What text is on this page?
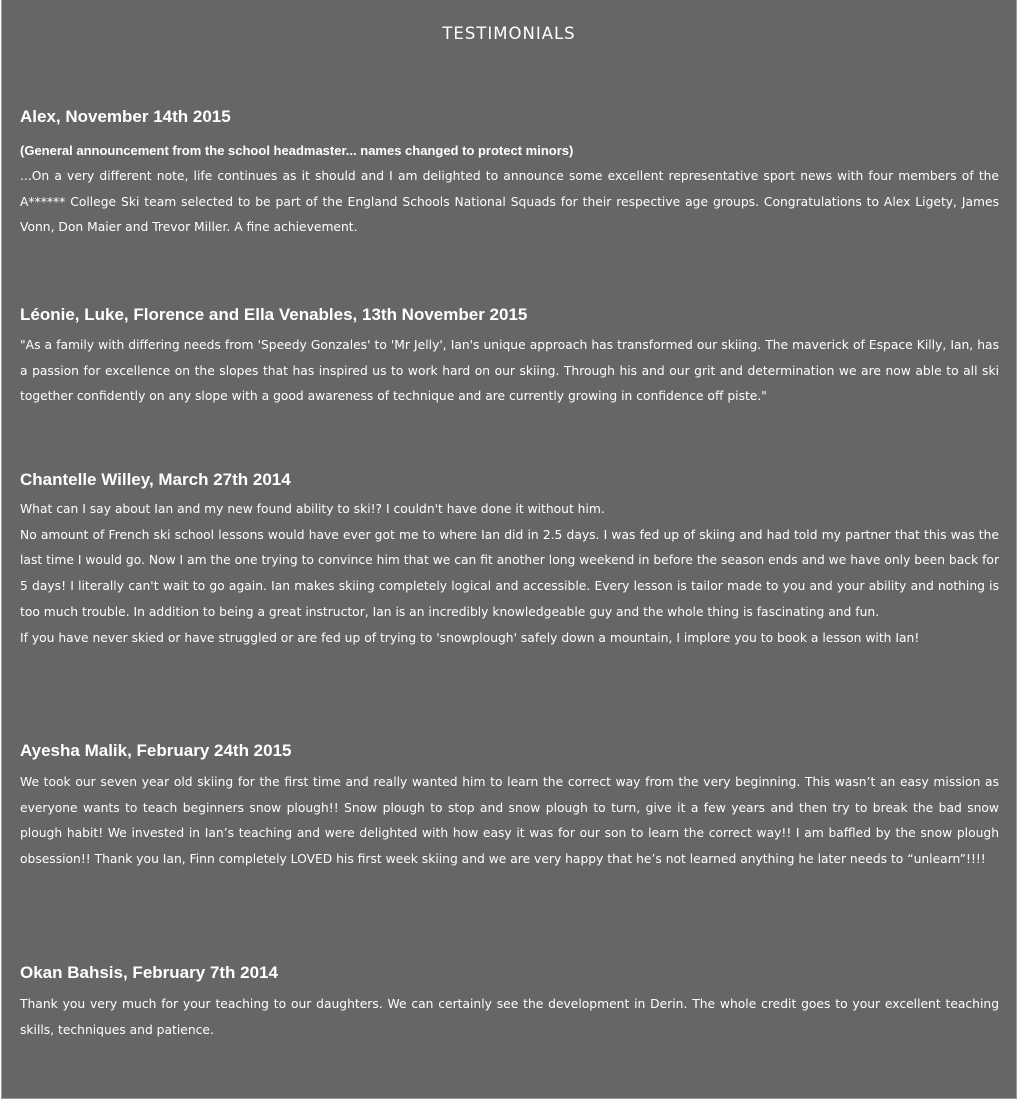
TESTIMONIALS
Alex, November 14th 2015
(General announcement from the school headmaster... names changed to protect minors)

...On a very different note, life continues as it should and I am delighted to announce some excellent representative sport news with four members of the A****** College Ski team selected to be part of the England Schools National Squads for their respective age groups. Congratulations to Alex Ligety, James Vonn, Don Maier and Trevor Miller. A fine achievement.

Léonie, Luke, Florence and Ella Venables, 13th November 2015

"As a family with differing needs from 'Speedy Gonzales' to 'Mr Jelly', Ian's unique approach has transformed our skiing. The maverick of Espace Killy, Ian, has a passion for excellence on the slopes that has inspired us to work hard on our skiing. Through his and our grit and determination we are now able to all ski together confidently on any slope with a good awareness of technique and are currently growing in confidence off piste."

Chantelle Willey, March 27th 2014

What can I say about Ian and my new found ability to ski!? I couldn't have done it without him.

No amount of French ski school lessons would have ever got me to where Ian did in 2.5 days. I was fed up of skiing and had told my partner that this was the last time I would go. Now I am the one trying to convince him that we can fit another long weekend in before the season ends and we have only been back for 5 days! I literally can't wait to go again. Ian makes skiing completely logical and accessible. Every lesson is tailor made to you and your ability and nothing is too much trouble. In addition to being a great instructor, Ian is an incredibly knowledgeable guy and the whole thing is fascinating and fun.

If you have never skied or have struggled or are fed up of trying to 'snowplough' safely down a mountain, I implore you to book a lesson with Ian!

Ayesha Malik, February 24th 2015

We took our seven year old skiing for the first time and really wanted him to learn the correct way from the very beginning. This wasn’t an easy mission as everyone wants to teach beginners snow plough!! Snow plough to stop and snow plough to turn, give it a few years and then try to break the bad snow plough habit! We invested in Ian’s teaching and were delighted with how easy it was for our son to learn the correct way!! I am baffled by the snow plough obsession!! Thank you Ian, Finn completely LOVED his first week skiing and we are very happy that he’s not learned anything he later needs to “unlearn”!!!!

Okan Bahsis, February 7th 2014

Thank you very much for your teaching to our daughters. We can certainly see the development in Derin. The whole credit goes to your excellent teaching skills, techniques and patience.
